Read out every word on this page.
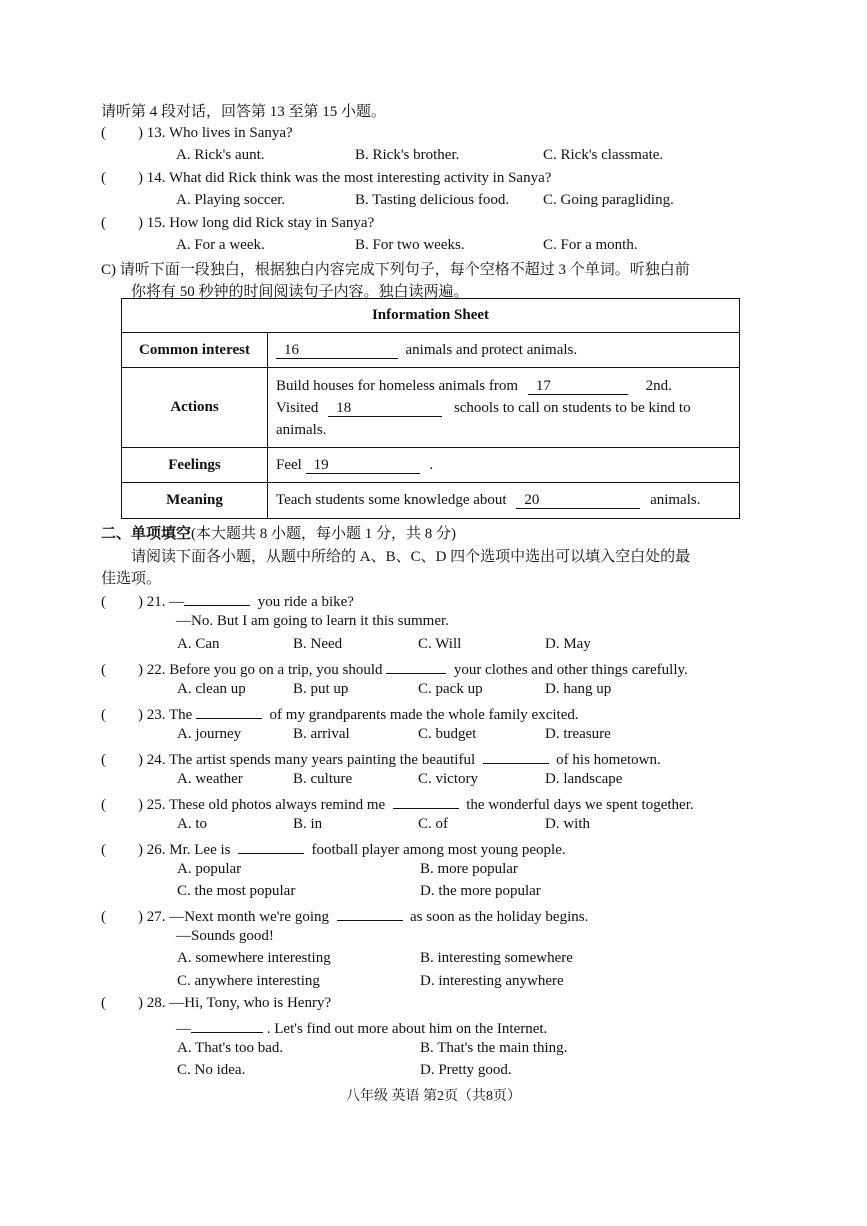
请听第 4 段对话，回答第 13 至第 15 小题。
( ) 13. Who lives in Sanya?
A. Rick's aunt.	B. Rick's brother.	C. Rick's classmate.
( ) 14. What did Rick think was the most interesting activity in Sanya?
A. Playing soccer.	B. Tasting delicious food. C. Going paragliding.
( ) 15. How long did Rick stay in Sanya?
A. For a week.	B. For two weeks.	C. For a month.
C) 请听下面一段独白，根据独白内容完成下列句子，每个空格不超过 3 个单词。听独白前
你将有 50 秒钟的时间阅读句子内容。独白读两遍。
Information Sheet	
Common interest	16 animals and protect animals.
Actions	Build houses for homeless animals from 17 2nd.
Visited 18 schools to call on students to be kind to
animals.

Feelings	Feel 19 .
Meaning	Teach students some knowledge about 20 animals.
二、单项填空(本大题共 8 小题，每小题 1 分，共 8 分)
请阅读下面各小题，从题中所给的 A、B、C、D 四个选项中选出可以填入空白处的最
佳选项。
( ) 21. —	you ride a bike?
—No. But I am going to learn it this summer.
A. Can	B. Need	C. Will	D. May
( ) 22. Before you go on a trip, you should	your clothes and other things carefully.
A. clean up	B. put up	C. pack up	D. hang up
( ) 23. The	of my grandparents made the whole family excited.
A. journey	B. arrival	C. budget	D. treasure
( ) 24. The artist spends many years painting the beautiful	of his hometown.
A. weather	B. culture	C. victory	D. landscape
( ) 25. These old photos always remind me	the wonderful days we spent together.
A. to	B. in	C. of	D. with
( ) 26. Mr. Lee is	football player among most young people.
A. popular	B. more popular
C. the most popular	D. the more popular
( ) 27. —Next month we're going	as soon as the holiday begins.
—Sounds good!
A. somewhere interesting	B. interesting somewhere
C. anywhere interesting	D. interesting anywhere
( ) 28. —Hi, Tony, who is Henry?
—	. Let's find out more about him on the Internet.
A. That's too bad.	B. That's the main thing.
C. No idea.	D. Pretty good.
八年级 英语 第2页（共8页）
